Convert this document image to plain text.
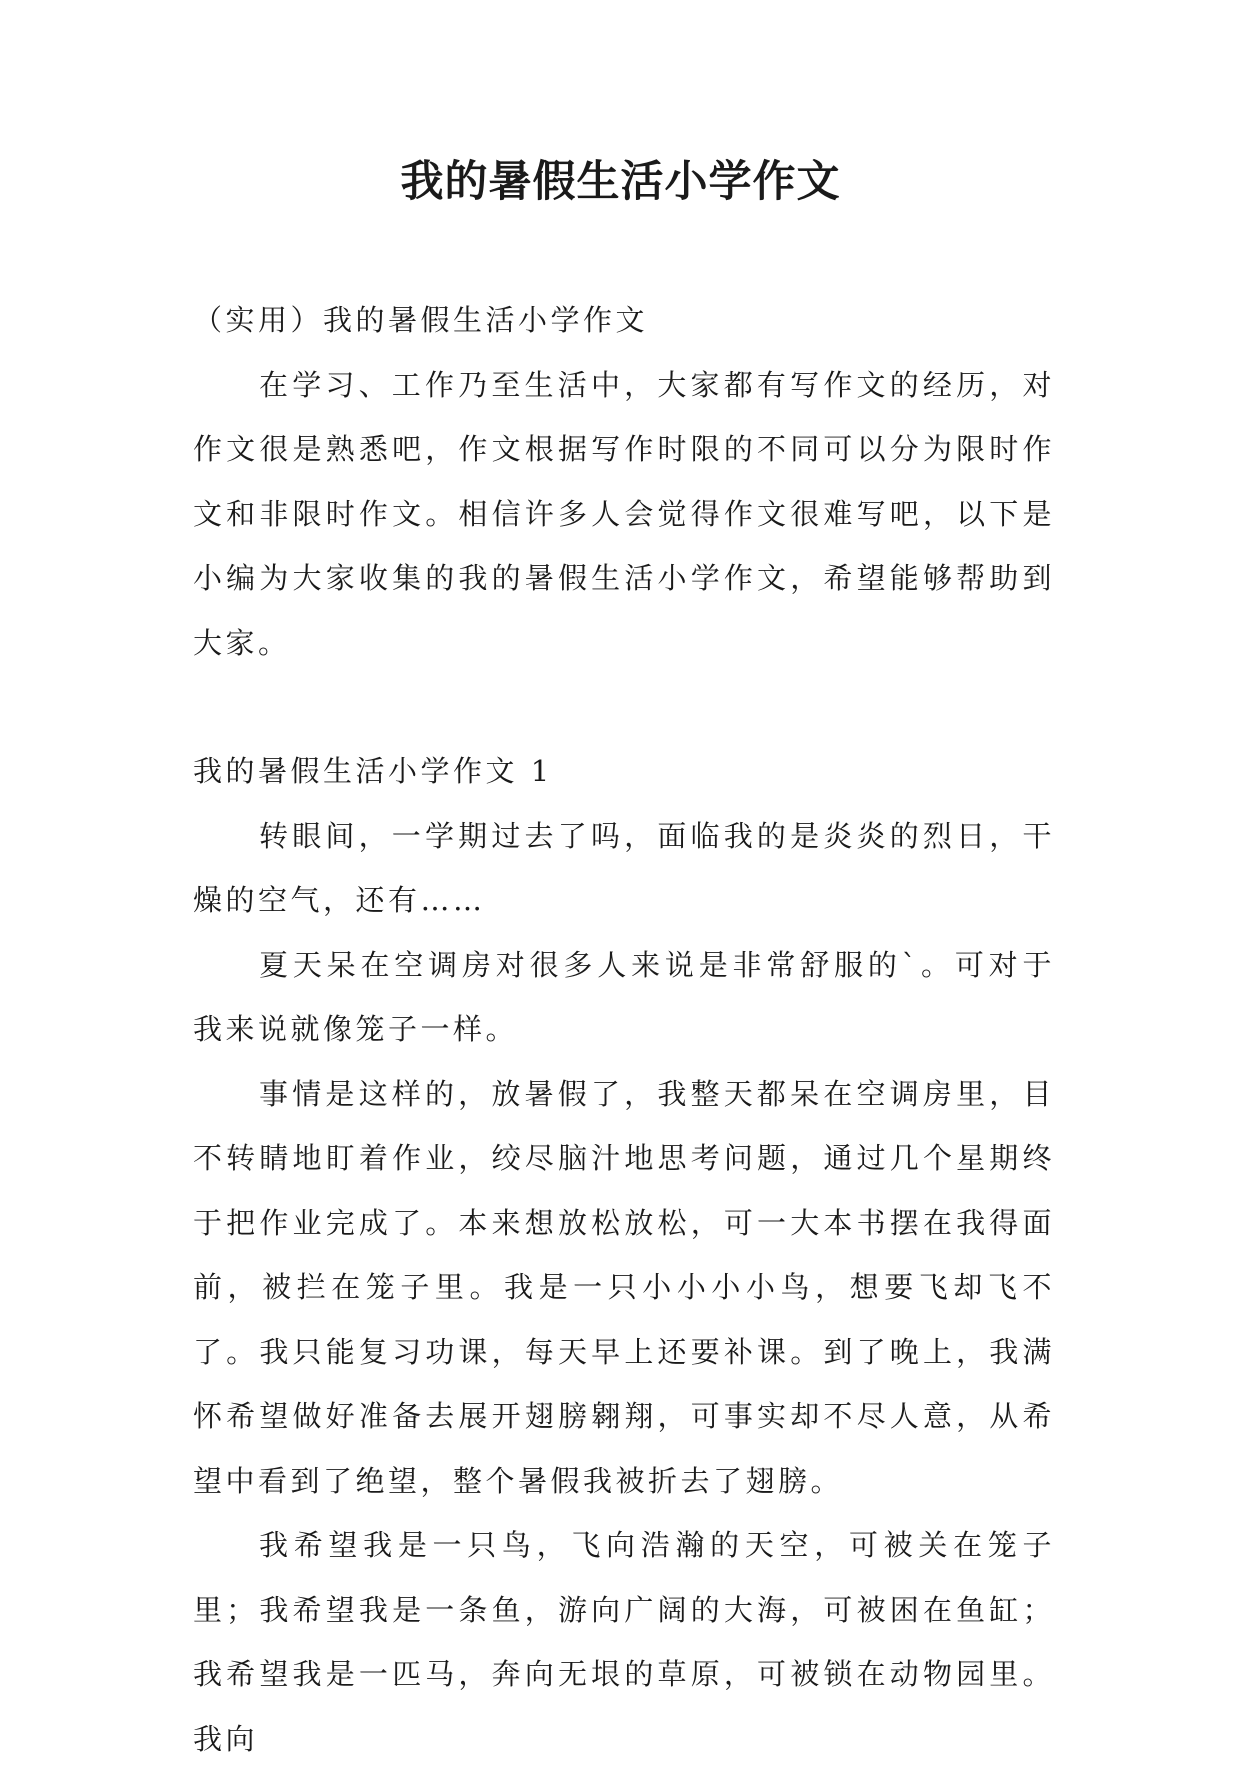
我的暑假生活小学作文

（实用）我的暑假生活小学作文

在学习、工作乃至生活中，大家都有写作文的经历，对作文很是熟悉吧，作文根据写作时限的不同可以分为限时作文和非限时作文。相信许多人会觉得作文很难写吧，以下是小编为大家收集的我的暑假生活小学作文，希望能够帮助到大家。

我的暑假生活小学作文 1

转眼间，一学期过去了吗，面临我的是炎炎的烈日，干燥的空气，还有……

夏天呆在空调房对很多人来说是非常舒服的`。可对于我来说就像笼子一样。

事情是这样的，放暑假了，我整天都呆在空调房里，目不转睛地盯着作业，绞尽脑汁地思考问题，通过几个星期终于把作业完成了。本来想放松放松，可一大本书摆在我得面前，被拦在笼子里。我是一只小小小小鸟，想要飞却飞不了。我只能复习功课，每天早上还要补课。到了晚上，我满怀希望做好准备去展开翅膀翱翔，可事实却不尽人意，从希望中看到了绝望，整个暑假我被折去了翅膀。

我希望我是一只鸟，飞向浩瀚的天空，可被关在笼子里；我希望我是一条鱼，游向广阔的大海，可被困在鱼缸；我希望我是一匹马，奔向无垠的草原，可被锁在动物园里。我向
